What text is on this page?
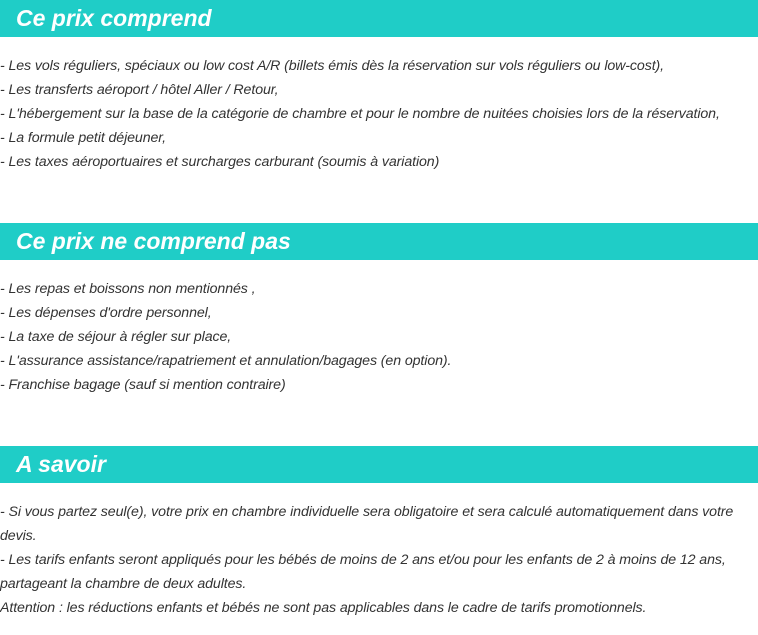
Ce prix comprend
- Les vols réguliers, spéciaux ou low cost A/R (billets émis dès la réservation sur vols réguliers ou low-cost),
- Les transferts aéroport / hôtel Aller / Retour,
- L'hébergement sur la base de la catégorie de chambre et pour le nombre de nuitées choisies lors de la réservation,
- La formule petit déjeuner,
- Les taxes aéroportuaires et surcharges carburant (soumis à variation)
Ce prix ne comprend pas
- Les repas et boissons non mentionnés ,
- Les dépenses d'ordre personnel,
- La taxe de séjour à régler sur place,
- L'assurance assistance/rapatriement et annulation/bagages (en option).
- Franchise bagage (sauf si mention contraire)
A savoir
- Si vous partez seul(e), votre prix en chambre individuelle sera obligatoire et sera calculé automatiquement dans votre devis.
- Les tarifs enfants seront appliqués pour les bébés de moins de 2 ans et/ou pour les enfants de 2 à moins de 12 ans, partageant la chambre de deux adultes.
Attention : les réductions enfants et bébés ne sont pas applicables dans le cadre de tarifs promotionnels.
